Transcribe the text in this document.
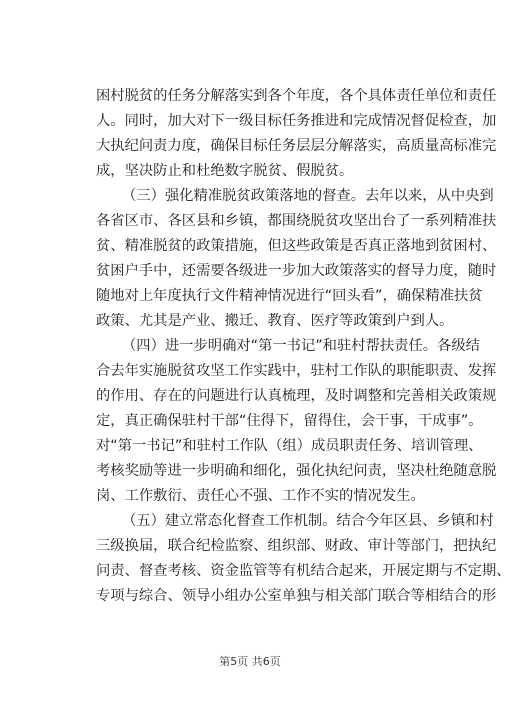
困村脱贫的任务分解落实到各个年度，各个具体责任单位和责任
人。同时，加大对下一级目标任务推进和完成情况督促检查，加
大执纪问责力度，确保目标任务层层分解落实，高质量高标准完
成，坚决防止和杜绝数字脱贫、假脱贫。
（三）强化精准脱贫政策落地的督查。去年以来，从中央到
各省区市、各区县和乡镇，都围绕脱贫攻坚出台了一系列精准扶
贫、精准脱贫的政策措施，但这些政策是否真正落地到贫困村、
贫困户手中，还需要各级进一步加大政策落实的督导力度，随时
随地对上年度执行文件精神情况进行“回头看”，确保精准扶贫
政策、尤其是产业、搬迁、教育、医疗等政策到户到人。
（四）进一步明确对“第一书记”和驻村帮扶责任。各级结
合去年实施脱贫攻坚工作实践中，驻村工作队的职能职责、发挥
的作用、存在的问题进行认真梳理，及时调整和完善相关政策规
定，真正确保驻村干部“住得下，留得住，会干事，干成事”。
对“第一书记”和驻村工作队（组）成员职责任务、培训管理、
考核奖励等进一步明确和细化，强化执纪问责，坚决杜绝随意脱
岗、工作敷衍、责任心不强、工作不实的情况发生。
（五）建立常态化督查工作机制。结合今年区县、乡镇和村
三级换届，联合纪检监察、组织部、财政、审计等部门，把执纪
问责、督查考核、资金监管等有机结合起来，开展定期与不定期、
专项与综合、领导小组办公室单独与相关部门联合等相结合的形
第5页 共6页
